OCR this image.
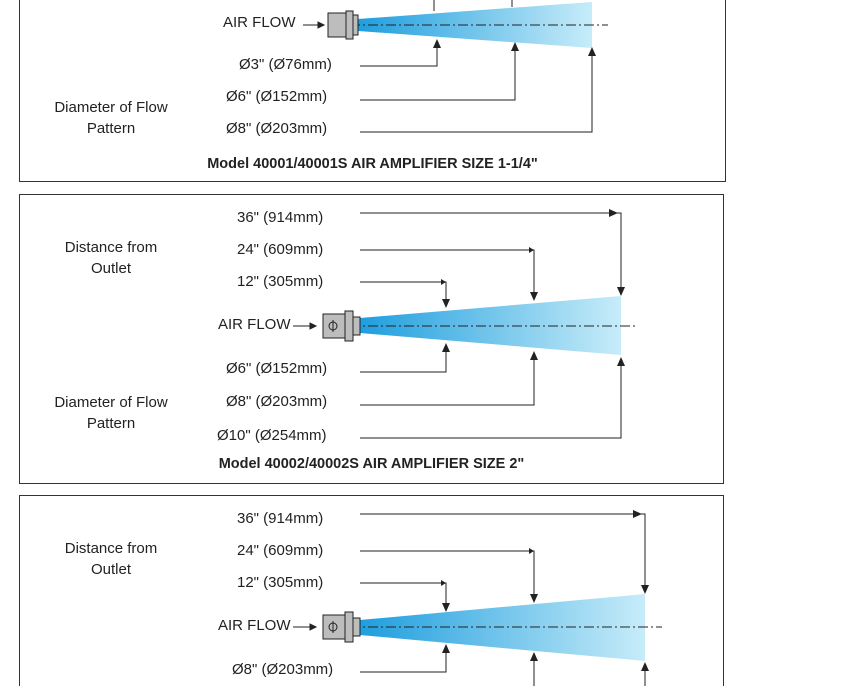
AIR FLOW
Ø3" (Ø76mm)
Ø6" (Ø152mm)
Ø8" (Ø203mm)
Diameter of Flow
Pattern
Model 40001/40001S AIR AMPLIFIER SIZE 1-1/4"
36" (914mm)
24" (609mm)
12" (305mm)
AIR FLOW
Ø6" (Ø152mm)
Ø8" (Ø203mm)
Ø10" (Ø254mm)
Distance from
Outlet
Diameter of Flow
Pattern
Model 40002/40002S AIR AMPLIFIER SIZE 2"
36" (914mm)
24" (609mm)
12" (305mm)
AIR FLOW
Ø8" (Ø203mm)
Distance from
Outlet
